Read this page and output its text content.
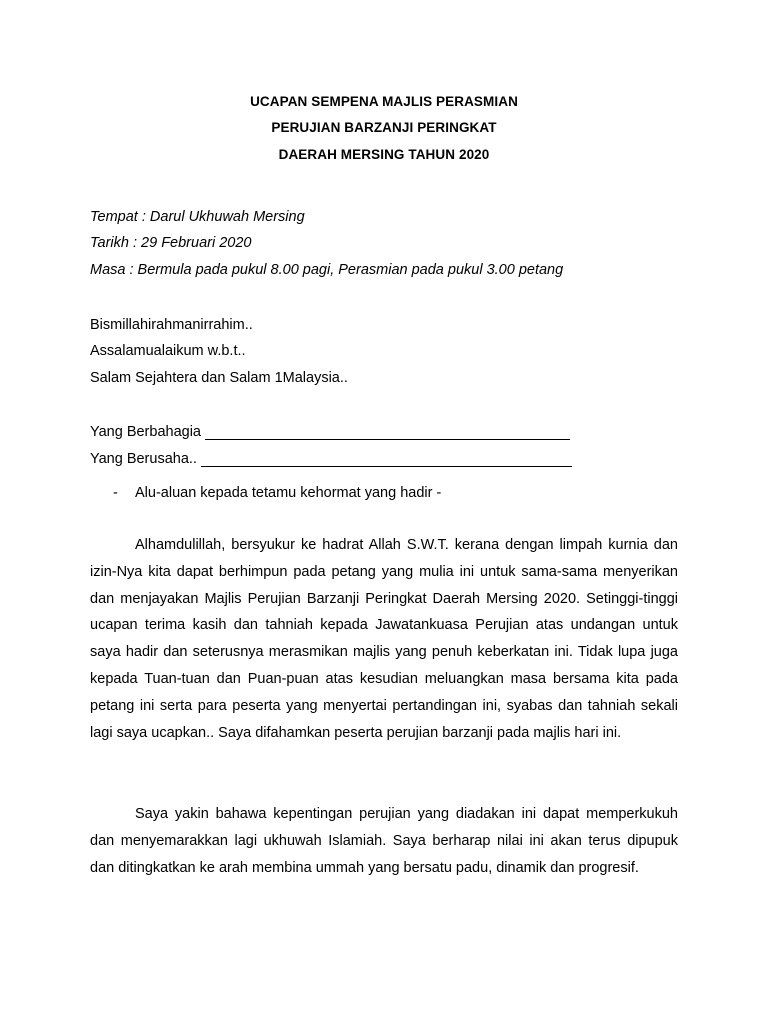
UCAPAN SEMPENA MAJLIS PERASMIAN
PERUJIAN BARZANJI PERINGKAT
DAERAH MERSING TAHUN 2020
Tempat : Darul Ukhuwah Mersing
Tarikh : 29 Februari 2020
Masa : Bermula pada pukul 8.00 pagi, Perasmian pada pukul 3.00 petang
Bismillahirahmanirrahim..
Assalamualaikum w.b.t..
Salam Sejahtera dan Salam 1Malaysia..
Yang Berbahagia
Yang Berusaha..
-	Alu-aluan kepada tetamu kehormat yang hadir -

Alhamdulillah, bersyukur ke hadrat Allah S.W.T. kerana dengan limpah kurnia dan izin-Nya kita dapat berhimpun pada petang yang mulia ini untuk sama-sama menyerikan dan menjayakan Majlis Perujian Barzanji Peringkat Daerah Mersing 2020. Setinggi-tinggi ucapan terima kasih dan tahniah kepada Jawatankuasa Perujian atas undangan untuk saya hadir dan seterusnya merasmikan majlis yang penuh keberkatan ini. Tidak lupa juga kepada Tuan-tuan dan Puan-puan atas kesudian meluangkan masa bersama kita pada petang ini serta para peserta yang menyertai pertandingan ini, syabas dan tahniah sekali lagi saya ucapkan.. Saya difahamkan peserta perujian barzanji pada majlis hari ini.

Saya yakin bahawa kepentingan perujian yang diadakan ini dapat memperkukuh dan menyemarakkan lagi ukhuwah Islamiah. Saya berharap nilai ini akan terus dipupuk dan ditingkatkan ke arah membina ummah yang bersatu padu, dinamik dan progresif.
